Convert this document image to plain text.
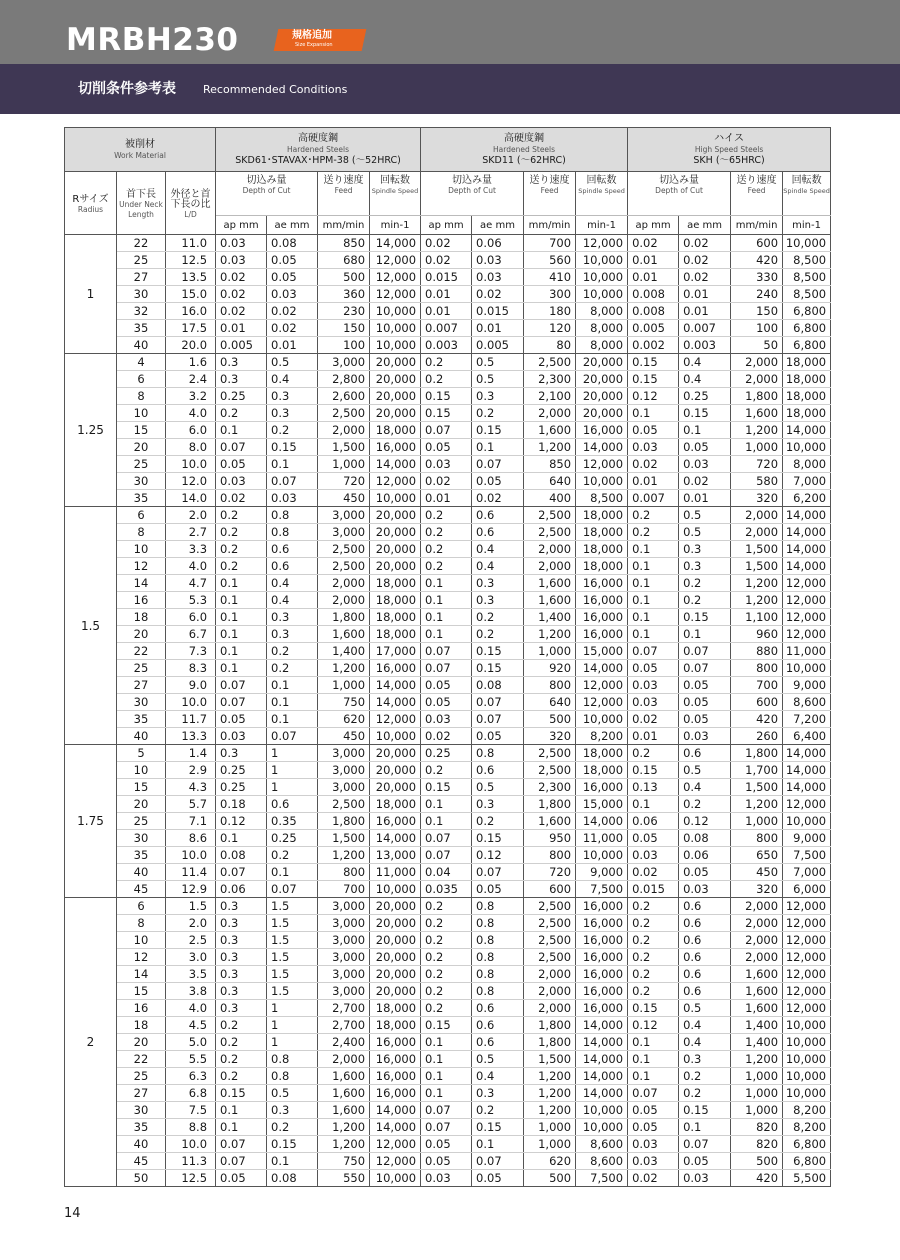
MRBH230	規格追加
Size Expansion
切削条件参考表 Recommended Conditions
被削材
Work Material			高硬度鋼
Hardened Steels
SKD61･STAVAX･HPM-38 (～52HRC)				高硬度鋼
Hardened Steels
SKD11 (～62HRC)				ハイス
High Speed Steels
SKH (～65HRC)			

Rサイズ
Radius	首下長
Under Neck Length	外径と首下長の比
L/D	切込み量
Depth of Cut		送り速度
Feed	回転数
Spindle Speed	切込み量
Depth of Cut		送り速度
Feed	回転数
Spindle Speed	切込み量
Depth of Cut		送り速度
Feed	回転数
Spindle Speed

			ap mm	ae mm	mm/min	min-1	ap mm	ae mm	mm/min	min-1	ap mm	ae mm	mm/min	min-1
1	22	11.0	0.03	0.08	850	14,000	0.02	0.06	700	12,000	0.02	0.02	600	10,000
	25	12.5	0.03	0.05	680	12,000	0.02	0.03	560	10,000	0.01	0.02	420	8,500
	27	13.5	0.02	0.05	500	12,000	0.015	0.03	410	10,000	0.01	0.02	330	8,500
	30	15.0	0.02	0.03	360	12,000	0.01	0.02	300	10,000	0.008	0.01	240	8,500
	32	16.0	0.02	0.02	230	10,000	0.01	0.015	180	8,000	0.008	0.01	150	6,800
	35	17.5	0.01	0.02	150	10,000	0.007	0.01	120	8,000	0.005	0.007	100	6,800
	40	20.0	0.005	0.01	100	10,000	0.003	0.005	80	8,000	0.002	0.003	50	6,800
1.25	4	1.6	0.3	0.5	3,000	20,000	0.2	0.5	2,500	20,000	0.15	0.4	2,000	18,000
	6	2.4	0.3	0.4	2,800	20,000	0.2	0.5	2,300	20,000	0.15	0.4	2,000	18,000
	8	3.2	0.25	0.3	2,600	20,000	0.15	0.3	2,100	20,000	0.12	0.25	1,800	18,000
	10	4.0	0.2	0.3	2,500	20,000	0.15	0.2	2,000	20,000	0.1	0.15	1,600	18,000
	15	6.0	0.1	0.2	2,000	18,000	0.07	0.15	1,600	16,000	0.05	0.1	1,200	14,000
	20	8.0	0.07	0.15	1,500	16,000	0.05	0.1	1,200	14,000	0.03	0.05	1,000	10,000
	25	10.0	0.05	0.1	1,000	14,000	0.03	0.07	850	12,000	0.02	0.03	720	8,000
	30	12.0	0.03	0.07	720	12,000	0.02	0.05	640	10,000	0.01	0.02	580	7,000
	35	14.0	0.02	0.03	450	10,000	0.01	0.02	400	8,500	0.007	0.01	320	6,200
1.5	6	2.0	0.2	0.8	3,000	20,000	0.2	0.6	2,500	18,000	0.2	0.5	2,000	14,000
	8	2.7	0.2	0.8	3,000	20,000	0.2	0.6	2,500	18,000	0.2	0.5	2,000	14,000
	10	3.3	0.2	0.6	2,500	20,000	0.2	0.4	2,000	18,000	0.1	0.3	1,500	14,000
	12	4.0	0.2	0.6	2,500	20,000	0.2	0.4	2,000	18,000	0.1	0.3	1,500	14,000
	14	4.7	0.1	0.4	2,000	18,000	0.1	0.3	1,600	16,000	0.1	0.2	1,200	12,000
	16	5.3	0.1	0.4	2,000	18,000	0.1	0.3	1,600	16,000	0.1	0.2	1,200	12,000
	18	6.0	0.1	0.3	1,800	18,000	0.1	0.2	1,400	16,000	0.1	0.15	1,100	12,000
	20	6.7	0.1	0.3	1,600	18,000	0.1	0.2	1,200	16,000	0.1	0.1	960	12,000
	22	7.3	0.1	0.2	1,400	17,000	0.07	0.15	1,000	15,000	0.07	0.07	880	11,000
	25	8.3	0.1	0.2	1,200	16,000	0.07	0.15	920	14,000	0.05	0.07	800	10,000
	27	9.0	0.07	0.1	1,000	14,000	0.05	0.08	800	12,000	0.03	0.05	700	9,000
	30	10.0	0.07	0.1	750	14,000	0.05	0.07	640	12,000	0.03	0.05	600	8,600
	35	11.7	0.05	0.1	620	12,000	0.03	0.07	500	10,000	0.02	0.05	420	7,200
	40	13.3	0.03	0.07	450	10,000	0.02	0.05	320	8,200	0.01	0.03	260	6,400
1.75	5	1.4	0.3	1	3,000	20,000	0.25	0.8	2,500	18,000	0.2	0.6	1,800	14,000
	10	2.9	0.25	1	3,000	20,000	0.2	0.6	2,500	18,000	0.15	0.5	1,700	14,000
	15	4.3	0.25	1	3,000	20,000	0.15	0.5	2,300	16,000	0.13	0.4	1,500	14,000
	20	5.7	0.18	0.6	2,500	18,000	0.1	0.3	1,800	15,000	0.1	0.2	1,200	12,000
	25	7.1	0.12	0.35	1,800	16,000	0.1	0.2	1,600	14,000	0.06	0.12	1,000	10,000
	30	8.6	0.1	0.25	1,500	14,000	0.07	0.15	950	11,000	0.05	0.08	800	9,000
	35	10.0	0.08	0.2	1,200	13,000	0.07	0.12	800	10,000	0.03	0.06	650	7,500
	40	11.4	0.07	0.1	800	11,000	0.04	0.07	720	9,000	0.02	0.05	450	7,000
	45	12.9	0.06	0.07	700	10,000	0.035	0.05	600	7,500	0.015	0.03	320	6,000
2	6	1.5	0.3	1.5	3,000	20,000	0.2	0.8	2,500	16,000	0.2	0.6	2,000	12,000
	8	2.0	0.3	1.5	3,000	20,000	0.2	0.8	2,500	16,000	0.2	0.6	2,000	12,000
	10	2.5	0.3	1.5	3,000	20,000	0.2	0.8	2,500	16,000	0.2	0.6	2,000	12,000
	12	3.0	0.3	1.5	3,000	20,000	0.2	0.8	2,500	16,000	0.2	0.6	2,000	12,000
	14	3.5	0.3	1.5	3,000	20,000	0.2	0.8	2,000	16,000	0.2	0.6	1,600	12,000
	15	3.8	0.3	1.5	3,000	20,000	0.2	0.8	2,000	16,000	0.2	0.6	1,600	12,000
	16	4.0	0.3	1	2,700	18,000	0.2	0.6	2,000	16,000	0.15	0.5	1,600	12,000
	18	4.5	0.2	1	2,700	18,000	0.15	0.6	1,800	14,000	0.12	0.4	1,400	10,000
	20	5.0	0.2	1	2,400	16,000	0.1	0.6	1,800	14,000	0.1	0.4	1,400	10,000
	22	5.5	0.2	0.8	2,000	16,000	0.1	0.5	1,500	14,000	0.1	0.3	1,200	10,000
	25	6.3	0.2	0.8	1,600	16,000	0.1	0.4	1,200	14,000	0.1	0.2	1,000	10,000
	27	6.8	0.15	0.5	1,600	16,000	0.1	0.3	1,200	14,000	0.07	0.2	1,000	10,000
	30	7.5	0.1	0.3	1,600	14,000	0.07	0.2	1,200	10,000	0.05	0.15	1,000	8,200
	35	8.8	0.1	0.2	1,200	14,000	0.07	0.15	1,000	10,000	0.05	0.1	820	8,200
	40	10.0	0.07	0.15	1,200	12,000	0.05	0.1	1,000	8,600	0.03	0.07	820	6,800
	45	11.3	0.07	0.1	750	12,000	0.05	0.07	620	8,600	0.03	0.05	500	6,800
	50	12.5	0.05	0.08	550	10,000	0.03	0.05	500	7,500	0.02	0.03	420	5,500
14
